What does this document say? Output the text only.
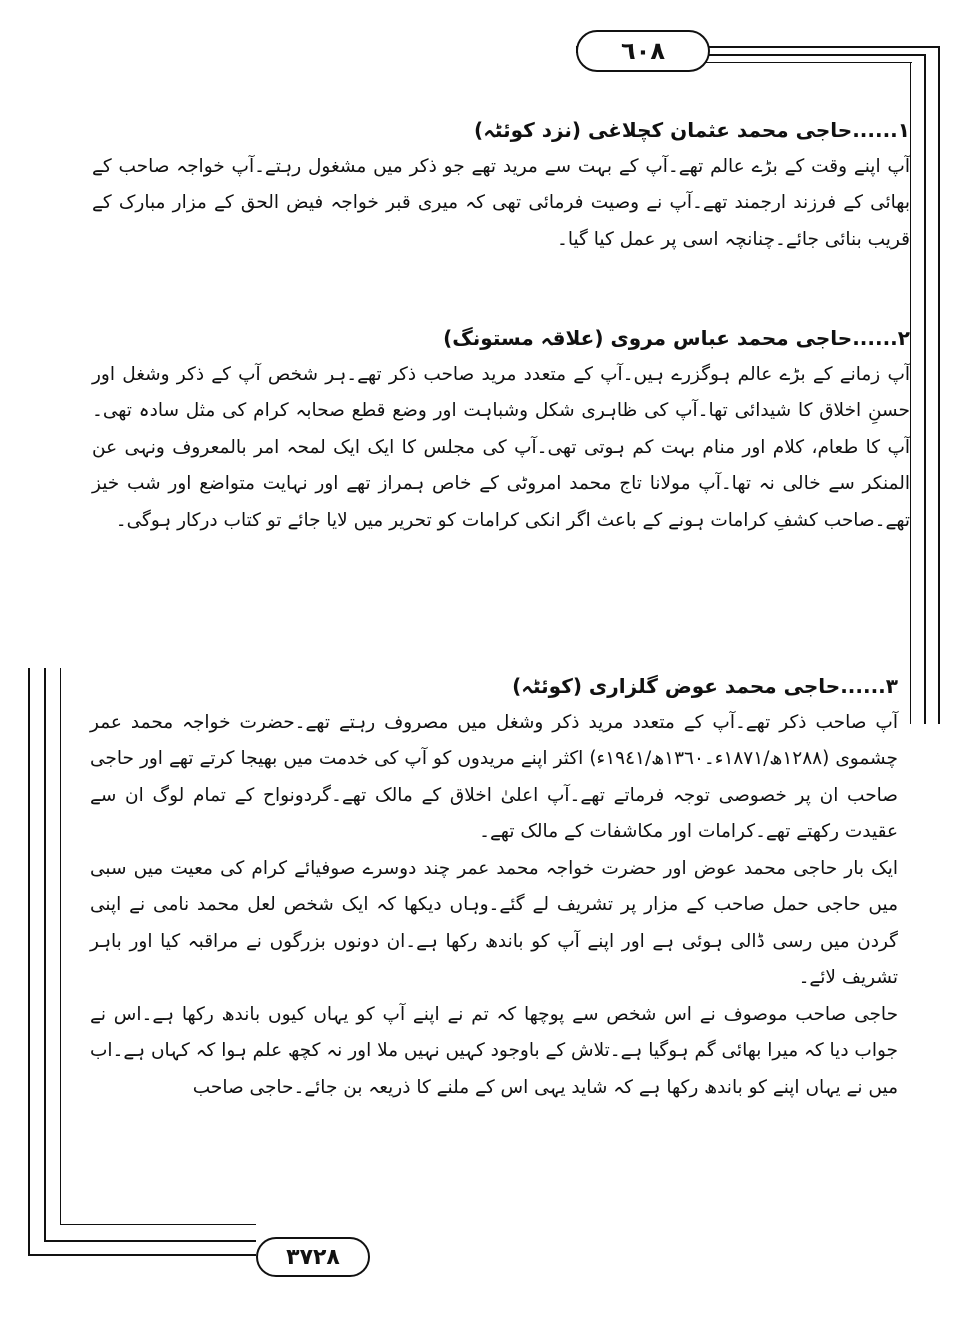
٦٠٨

١......حاجی محمد عثمان کچلاغی (نزد کوئٹہ)

آپ اپنے وقت کے بڑے عالم تھے۔آپ کے بہت سے مرید تھے جو ذکر میں مشغول رہتے۔آپ خواجہ صاحب کے بھائی کے فرزند ارجمند تھے۔آپ نے وصیت فرمائی تھی کہ میری قبر خواجہ فیض الحق کے مزار مبارک کے قریب بنائی جائے۔چنانچہ اسی پر عمل کیا گیا۔

٢......حاجی محمد عباس مروی (علاقہ مستونگ)

آپ زمانے کے بڑے عالم ہوگزرے ہیں۔آپ کے متعدد مرید صاحب ذکر تھے۔ہر شخص آپ کے ذکر وشغل اور حسنِ اخلاق کا شیدائی تھا۔آپ کی ظاہری شکل وشباہت اور وضع قطع صحابہ کرام کی مثل سادہ تھی۔آپ کا طعام، کلام اور منام بہت کم ہوتی تھی۔آپ کی مجلس کا ایک ایک لمحہ امر بالمعروف ونہی عن المنکر سے خالی نہ تھا۔آپ مولانا تاج محمد امروٹی کے خاص ہمراز تھے اور نہایت متواضع اور شب خیز تھے۔صاحب کشفِ کرامات ہونے کے باعث اگر انکی کرامات کو تحریر میں لایا جائے تو کتاب درکار ہوگی۔

٣......حاجی محمد عوض گلزاری (کوئٹہ)

آپ صاحب ذکر تھے۔آپ کے متعدد مرید ذکر وشغل میں مصروف رہتے تھے۔حضرت خواجہ محمد عمر چشموی (١٢٨٨ھ/١٨٧١ء۔١٣٦٠ھ/١٩٤١ء) اکثر اپنے مریدوں کو آپ کی خدمت میں بھیجا کرتے تھے اور حاجی صاحب ان پر خصوصی توجہ فرماتے تھے۔آپ اعلیٰ اخلاق کے مالک تھے۔گردونواح کے تمام لوگ ان سے عقیدت رکھتے تھے۔کرامات اور مکاشفات کے مالک تھے۔

ایک بار حاجی محمد عوض اور حضرت خواجہ محمد عمر چند دوسرے صوفیائے کرام کی معیت میں سبی میں حاجی حمل صاحب کے مزار پر تشریف لے گئے۔وہاں دیکھا کہ ایک شخص لعل محمد نامی نے اپنی گردن میں رسی ڈالی ہوئی ہے اور اپنے آپ کو باندھ رکھا ہے۔ان دونوں بزرگوں نے مراقبہ کیا اور باہر تشریف لائے۔

حاجی صاحب موصوف نے اس شخص سے پوچھا کہ تم نے اپنے آپ کو یہاں کیوں باندھ رکھا ہے۔اس نے جواب دیا کہ میرا بھائی گم ہوگیا ہے۔تلاش کے باوجود کہیں نہیں ملا اور نہ کچھ علم ہوا کہ کہاں ہے۔اب میں نے یہاں اپنے کو باندھ رکھا ہے کہ شاید یہی اس کے ملنے کا ذریعہ بن جائے۔حاجی صاحب

٣٧٢٨
